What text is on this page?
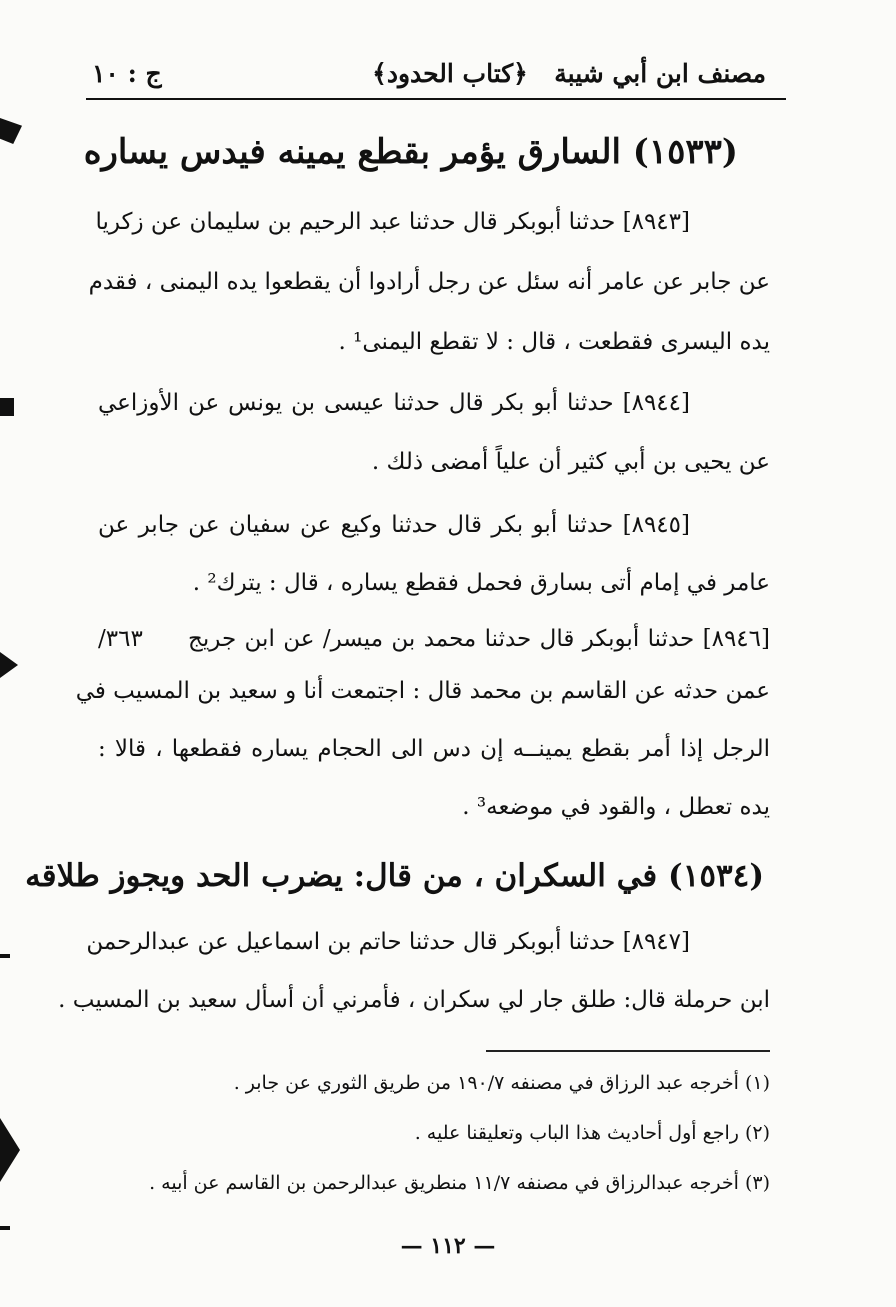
مصنف ابن أبي شيبة
﴿كتاب الحدود﴾
ج : ١٠
(١٥٣٣) السارق يؤمر بقطع يمينه فيدس يساره
[٨٩٤٣] حدثنا أبوبكر قال حدثنا عبد الرحيم بن سليمان عن زكريا
عن جابر عن عامر أنه سئل عن رجل أرادوا أن يقطعوا يده اليمنى ، فقدم
يده اليسرى فقطعت ، قال : لا تقطع اليمنى¹ .
[٨٩٤٤] حدثنا أبو بكر قال حدثنا عيسى بن يونس عن الأوزاعي
عن يحيى بن أبي كثير أن علياً أمضى ذلك .
[٨٩٤٥] حدثنا أبو بكر قال حدثنا وكيع عن سفيان عن جابر عن
عامر في إمام أتى بسارق فحمل فقطع يساره ، قال : يترك² .
٣٦٣/	[٨٩٤٦] حدثنا أبوبكر قال حدثنا محمد بن ميسر/ عن ابن جريج
عمن حدثه عن القاسم بن محمد قال : اجتمعت أنا و سعيد بن المسيب في
الرجل إذا أمر بقطع يمينــه إن دس الى الحجام يساره فقطعها ، قالا :
يده تعطل ، والقود في موضعه³ .
(١٥٣٤) في السكران ، من قال: يضرب الحد ويجوز طلاقه
[٨٩٤٧] حدثنا أبوبكر قال حدثنا حاتم بن اسماعيل عن عبدالرحمن
ابن حرملة قال: طلق جار لي سكران ، فأمرني أن أسأل سعيد بن المسيب .
(١) أخرجه عبد الرزاق في مصنفه ١٩٠/٧ من طريق الثوري عن جابر .
(٢) راجع أول أحاديث هذا الباب وتعليقنا عليه .
(٣) أخرجه عبدالرزاق في مصنفه ١١/٧ منطريق عبدالرحمن بن القاسم عن أبيه .
— ١١٢ —
